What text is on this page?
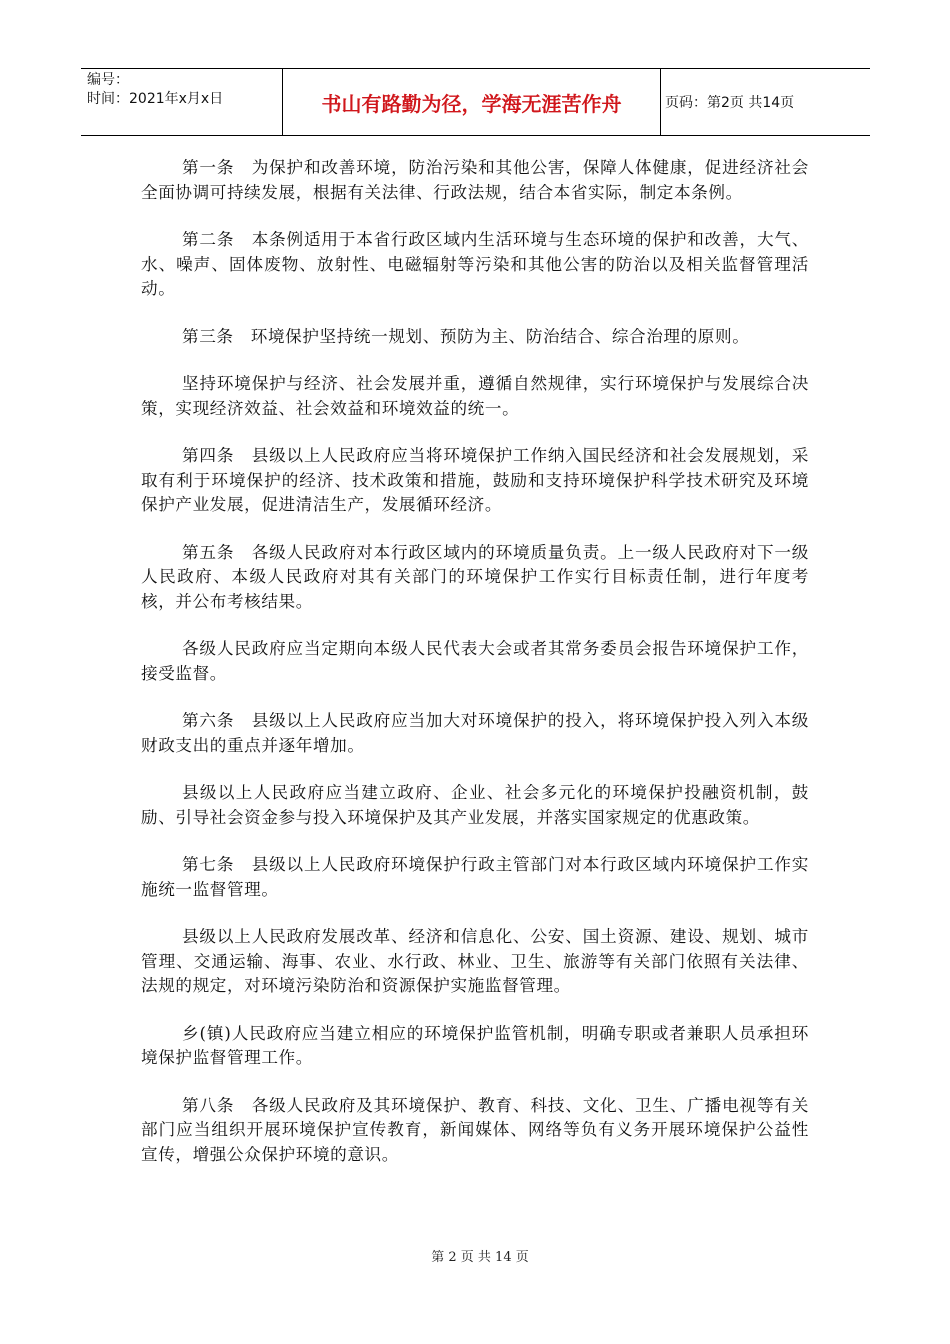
编号：
时间：2021年x月x日	书山有路勤为径，学海无涯苦作舟	页码：第2页 共14页

第一条　为保护和改善环境，防治污染和其他公害，保障人体健康，促进经济社会全面协调可持续发展，根据有关法律、行政法规，结合本省实际，制定本条例。

第二条　本条例适用于本省行政区域内生活环境与生态环境的保护和改善，大气、水、噪声、固体废物、放射性、电磁辐射等污染和其他公害的防治以及相关监督管理活动。

第三条　环境保护坚持统一规划、预防为主、防治结合、综合治理的原则。

坚持环境保护与经济、社会发展并重，遵循自然规律，实行环境保护与发展综合决策，实现经济效益、社会效益和环境效益的统一。

第四条　县级以上人民政府应当将环境保护工作纳入国民经济和社会发展规划，采取有利于环境保护的经济、技术政策和措施，鼓励和支持环境保护科学技术研究及环境保护产业发展，促进清洁生产，发展循环经济。

第五条　各级人民政府对本行政区域内的环境质量负责。上一级人民政府对下一级人民政府、本级人民政府对其有关部门的环境保护工作实行目标责任制，进行年度考核，并公布考核结果。

各级人民政府应当定期向本级人民代表大会或者其常务委员会报告环境保护工作，接受监督。

第六条　县级以上人民政府应当加大对环境保护的投入，将环境保护投入列入本级财政支出的重点并逐年增加。

县级以上人民政府应当建立政府、企业、社会多元化的环境保护投融资机制，鼓励、引导社会资金参与投入环境保护及其产业发展，并落实国家规定的优惠政策。

第七条　县级以上人民政府环境保护行政主管部门对本行政区域内环境保护工作实施统一监督管理。

县级以上人民政府发展改革、经济和信息化、公安、国土资源、建设、规划、城市管理、交通运输、海事、农业、水行政、林业、卫生、旅游等有关部门依照有关法律、法规的规定，对环境污染防治和资源保护实施监督管理。

乡(镇)人民政府应当建立相应的环境保护监管机制，明确专职或者兼职人员承担环境保护监督管理工作。

第八条　各级人民政府及其环境保护、教育、科技、文化、卫生、广播电视等有关部门应当组织开展环境保护宣传教育，新闻媒体、网络等负有义务开展环境保护公益性宣传，增强公众保护环境的意识。

第 2 页 共 14 页
